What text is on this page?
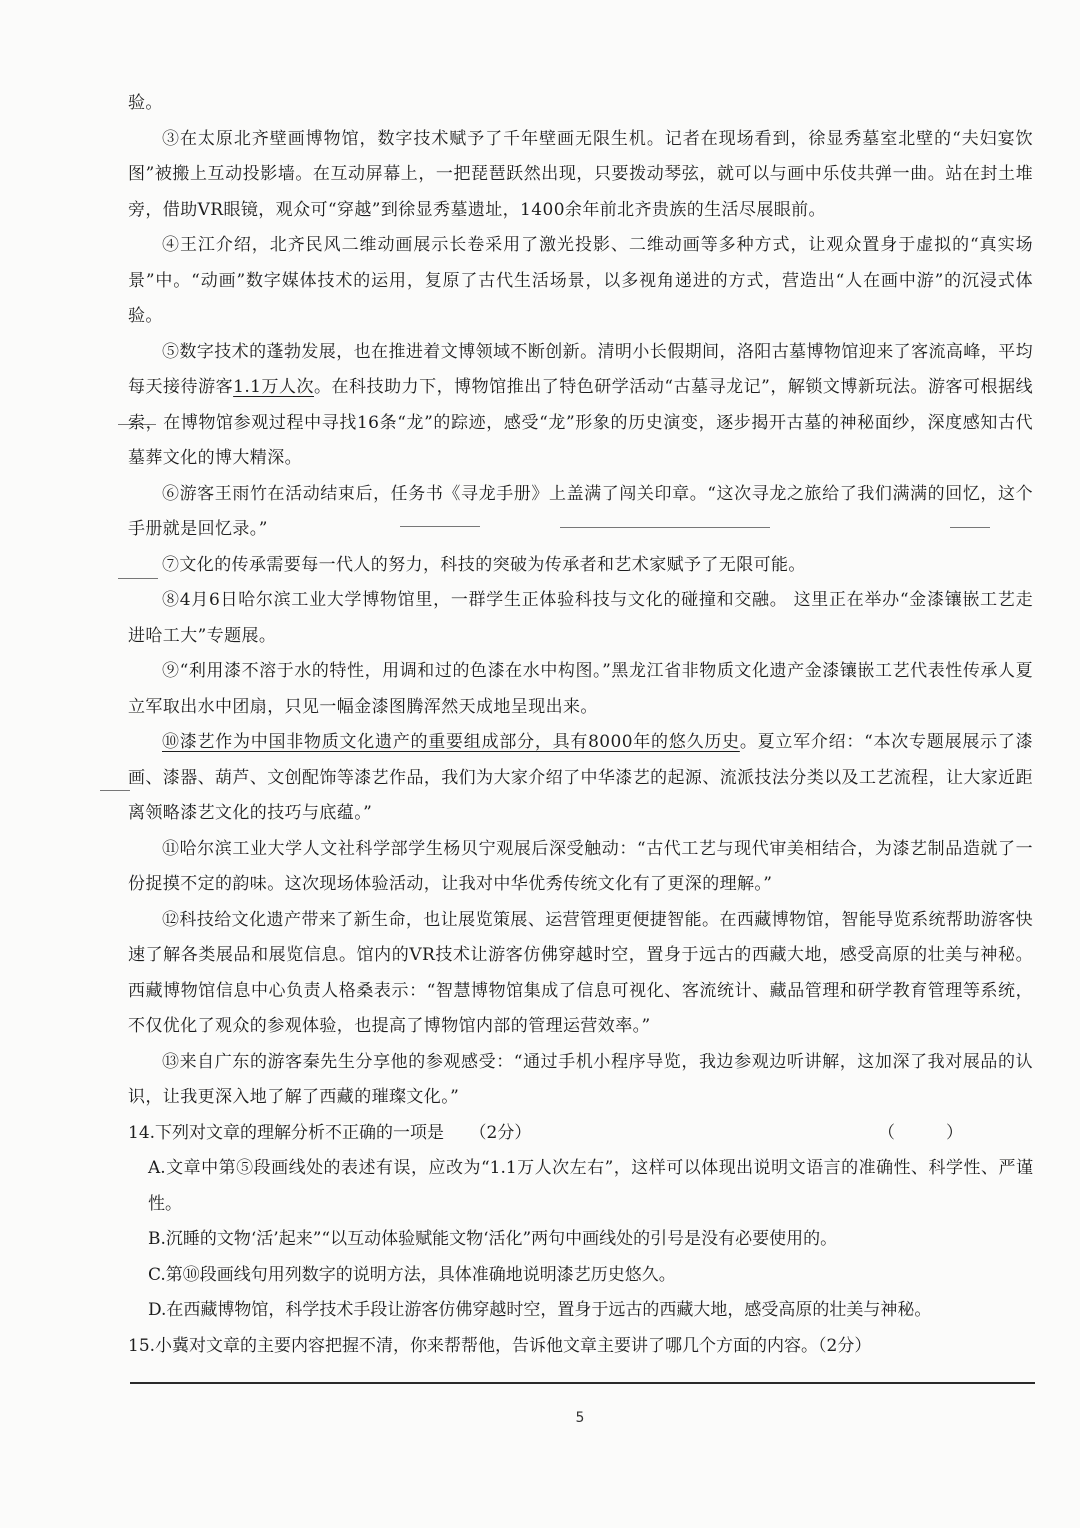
验。

③在太原北齐壁画博物馆，数字技术赋予了千年壁画无限生机。记者在现场看到，徐显秀墓室北壁的“夫妇宴饮图”被搬上互动投影墙。在互动屏幕上，一把琵琶跃然出现，只要拨动琴弦，就可以与画中乐伎共弹一曲。站在封土堆旁，借助VR眼镜，观众可“穿越”到徐显秀墓遗址，1400余年前北齐贵族的生活尽展眼前。

④王江介绍，北齐民风二维动画展示长卷采用了激光投影、二维动画等多种方式，让观众置身于虚拟的“真实场景”中。“动画”数字媒体技术的运用，复原了古代生活场景，以多视角递进的方式，营造出“人在画中游”的沉浸式体验。

⑤数字技术的蓬勃发展，也在推进着文博领域不断创新。清明小长假期间，洛阳古墓博物馆迎来了客流高峰，平均每天接待游客1.1万人次。在科技助力下，博物馆推出了特色研学活动“古墓寻龙记”，解锁文博新玩法。游客可根据线索，在博物馆参观过程中寻找16条“龙”的踪迹，感受“龙”形象的历史演变，逐步揭开古墓的神秘面纱，深度感知古代墓葬文化的博大精深。

⑥游客王雨竹在活动结束后，任务书《寻龙手册》上盖满了闯关印章。“这次寻龙之旅给了我们满满的回忆，这个手册就是回忆录。”

⑦文化的传承需要每一代人的努力，科技的突破为传承者和艺术家赋予了无限可能。

⑧4月6日哈尔滨工业大学博物馆里，一群学生正体验科技与文化的碰撞和交融。 这里正在举办“金漆镶嵌工艺走进哈工大”专题展。

⑨“利用漆不溶于水的特性，用调和过的色漆在水中构图。”黑龙江省非物质文化遗产金漆镶嵌工艺代表性传承人夏立军取出水中团扇，只见一幅金漆图腾浑然天成地呈现出来。

⑩漆艺作为中国非物质文化遗产的重要组成部分，具有8000年的悠久历史。夏立军介绍：“本次专题展展示了漆画、漆器、葫芦、文创配饰等漆艺作品，我们为大家介绍了中华漆艺的起源、流派技法分类以及工艺流程，让大家近距离领略漆艺文化的技巧与底蕴。”

⑪哈尔滨工业大学人文社科学部学生杨贝宁观展后深受触动：“古代工艺与现代审美相结合，为漆艺制品造就了一份捉摸不定的韵味。这次现场体验活动，让我对中华优秀传统文化有了更深的理解。”

⑫科技给文化遗产带来了新生命，也让展览策展、运营管理更便捷智能。在西藏博物馆，智能导览系统帮助游客快速了解各类展品和展览信息。馆内的VR技术让游客仿佛穿越时空，置身于远古的西藏大地，感受高原的壮美与神秘。西藏博物馆信息中心负责人格桑表示：“智慧博物馆集成了信息可视化、客流统计、藏品管理和研学教育管理等系统，不仅优化了观众的参观体验，也提高了博物馆内部的管理运营效率。”

⑬来自广东的游客秦先生分享他的参观感受：“通过手机小程序导览，我边参观边听讲解，这加深了我对展品的认识，让我更深入地了解了西藏的璀璨文化。”

14.下列对文章的理解分析不正确的一项是　　（2分）	（　　　）

A.文章中第⑤段画线处的表述有误，应改为“1.1万人次左右”，这样可以体现出说明文语言的准确性、科学性、严谨性。

B.沉睡的文物‘活’起来”“以互动体验赋能文物‘活化”两句中画线处的引号是没有必要使用的。

C.第⑩段画线句用列数字的说明方法，具体准确地说明漆艺历史悠久。

D.在西藏博物馆，科学技术手段让游客仿佛穿越时空，置身于远古的西藏大地，感受高原的壮美与神秘。

15.小冀对文章的主要内容把握不清，你来帮帮他，告诉他文章主要讲了哪几个方面的内容。（2分）

5
